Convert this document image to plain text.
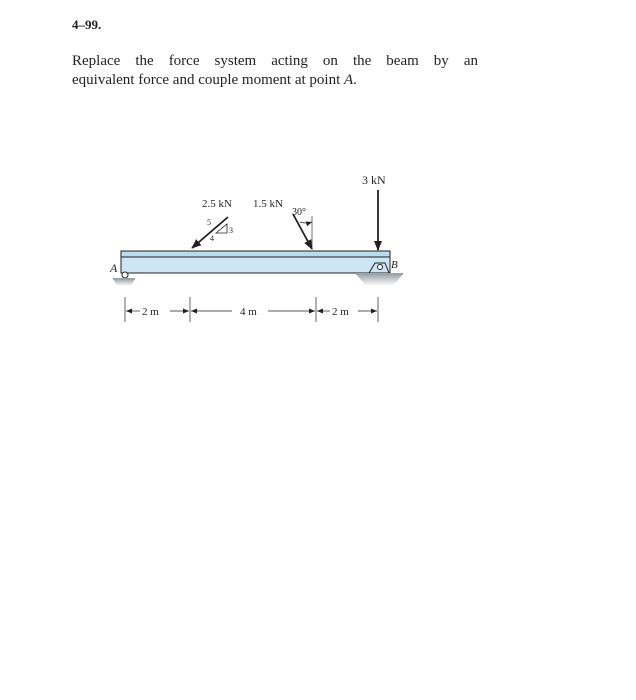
4–99.
Replace the force system acting on the beam by an
equivalent force and couple moment at point A.
A	B
3 kN
2.5 kN
5
3
4
1.5 kN
30°
2 m	4 m	2 m
